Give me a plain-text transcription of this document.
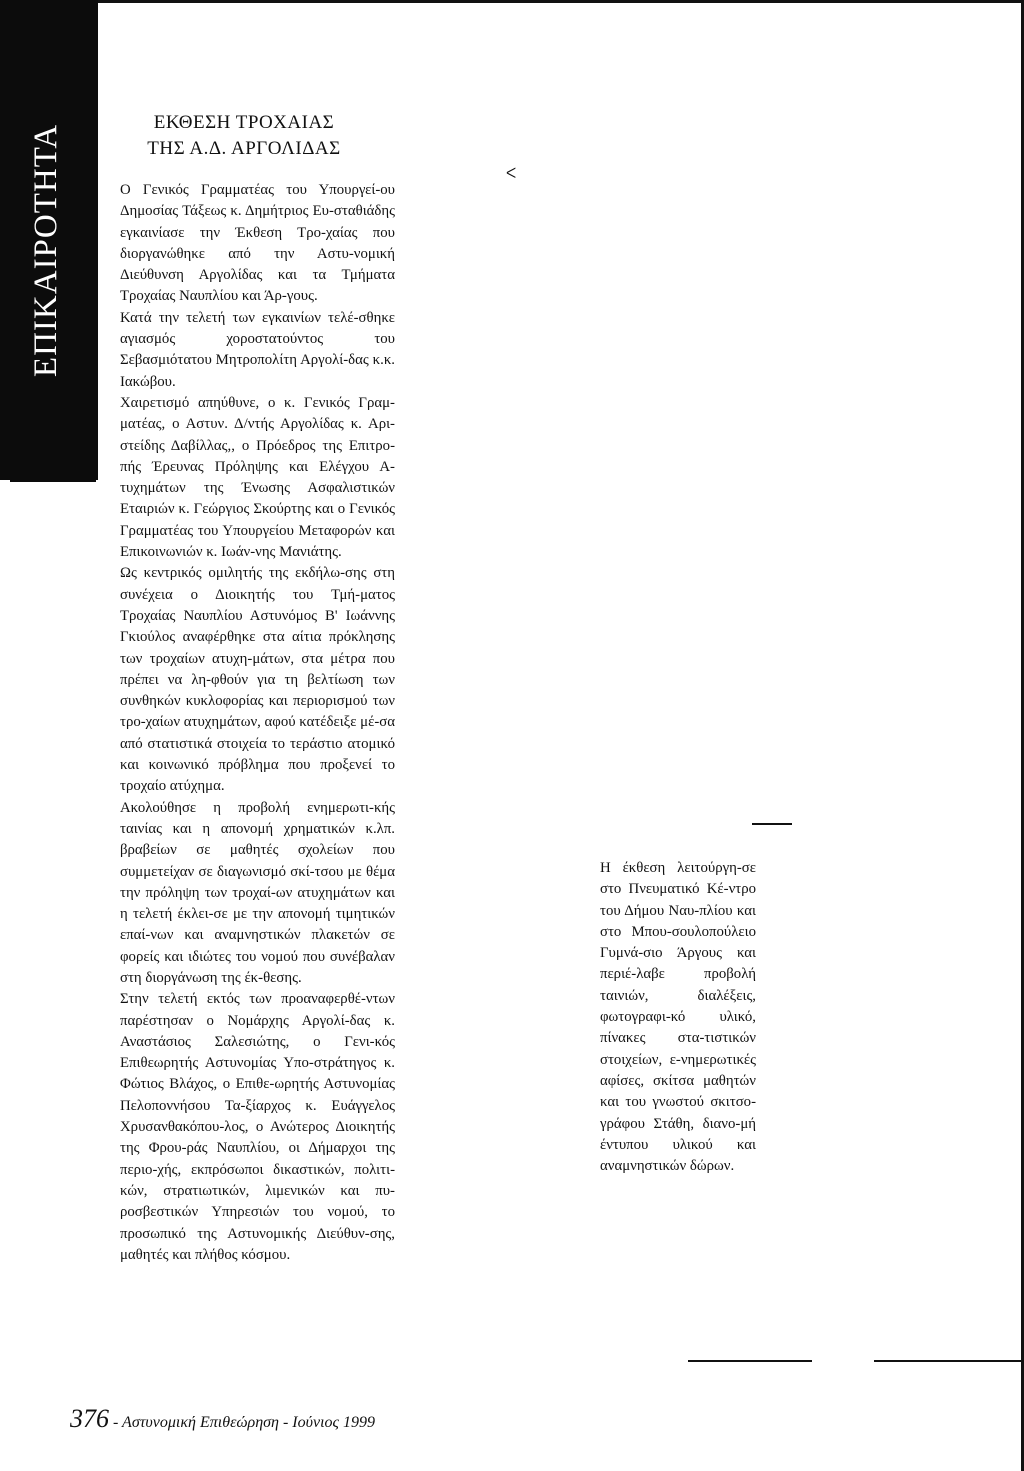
ΕΠΙΚΑΙΡΟΤΗΤΑ
ΕΚΘΕΣΗ ΤΡΟΧΑΙΑΣ
ΤΗΣ Α.Δ. ΑΡΓΟΛΙΔΑΣ
ᐸ

Ο Γενικός Γραμματέας του Υπουργεί-ου Δημοσίας Τάξεως κ. Δημήτριος Ευ-σταθιάδης εγκαινίασε την Έκθεση Τρο-χαίας που διοργανώθηκε από την Αστυ-νομική Διεύθυνση Αργολίδας και τα Τμήματα Τροχαίας Ναυπλίου και Άρ-γους.

Κατά την τελετή των εγκαινίων τελέ-σθηκε αγιασμός χοροστατούντος του Σεβασμιότατου Μητροπολίτη Αργολί-δας κ.κ. Ιακώβου.

Χαιρετισμό απηύθυνε, ο κ. Γενικός Γραμ-ματέας, ο Αστυν. Δ/ντής Αργολίδας κ. Αρι-στείδης Δαβίλλας,, ο Πρόεδρος της Επιτρο-πής Έρευνας Πρόληψης και Ελέγχου Α-τυχημάτων της Ένωσης Ασφαλιστικών Εταιριών κ. Γεώργιος Σκούρτης και ο Γενικός Γραμματέας του Υπουργείου Μεταφορών και Επικοινωνιών κ. Ιωάν-νης Μανιάτης.

Ως κεντρικός ομιλητής της εκδήλω-σης στη συνέχεια ο Διοικητής του Τμή-ματος Τροχαίας Ναυπλίου Αστυνόμος Β' Ιωάννης Γκιούλος αναφέρθηκε στα αίτια πρόκλησης των τροχαίων ατυχη-μάτων, στα μέτρα που πρέπει να λη-φθούν για τη βελτίωση των συνθηκών κυκλοφορίας και περιορισμού των τρο-χαίων ατυχημάτων, αφού κατέδειξε μέ-σα από στατιστικά στοιχεία το τεράστιο ατομικό και κοινωνικό πρόβλημα που προξενεί το τροχαίο ατύχημα.

Ακολούθησε η προβολή ενημερωτι-κής ταινίας και η απονομή χρηματικών κ.λπ. βραβείων σε μαθητές σχολείων που συμμετείχαν σε διαγωνισμό σκί-τσου με θέμα την πρόληψη των τροχαί-ων ατυχημάτων και η τελετή έκλει-σε με την απονομή τιμητικών επαί-νων και αναμνηστικών πλακετών σε φορείς και ιδιώτες του νομού που συνέβαλαν στη διοργάνωση της έκ-θεσης.

Στην τελετή εκτός των προαναφερθέ-ντων παρέστησαν ο Νομάρχης Αργολί-δας κ. Αναστάσιος Σαλεσιώτης, ο Γενι-κός Επιθεωρητής Αστυνομίας Υπο-στράτηγος κ. Φώτιος Βλάχος, ο Επιθε-ωρητής Αστυνομίας Πελοποννήσου Τα-ξίαρχος κ. Ευάγγελος Χρυσανθακόπου-λος, ο Ανώτερος Διοικητής της Φρου-ράς Ναυπλίου, οι Δήμαρχοι της περιο-χής, εκπρόσωποι δικαστικών, πολιτι-κών, στρατιωτικών, λιμενικών και πυ-ροσβεστικών Υπηρεσιών του νομού, το προσωπικό της Αστυνομικής Διεύθυν-σης, μαθητές και πλήθος κόσμου.

Η έκθεση λειτούργη-σε στο Πνευματικό Κέ-ντρο του Δήμου Ναυ-πλίου και στο Μπου-σουλοπούλειο Γυμνά-σιο Άργους και περιέ-λαβε προβολή ταινιών, διαλέξεις, φωτογραφι-κό υλικό, πίνακες στα-τιστικών στοιχείων, ε-νημερωτικές αφίσες, σκίτσα μαθητών και του γνωστού σκιτσο-γράφου Στάθη, διανο-μή έντυπου υλικού και αναμνηστικών δώρων.

376 - Αστυνομική Επιθεώρηση - Ιούνιος 1999
